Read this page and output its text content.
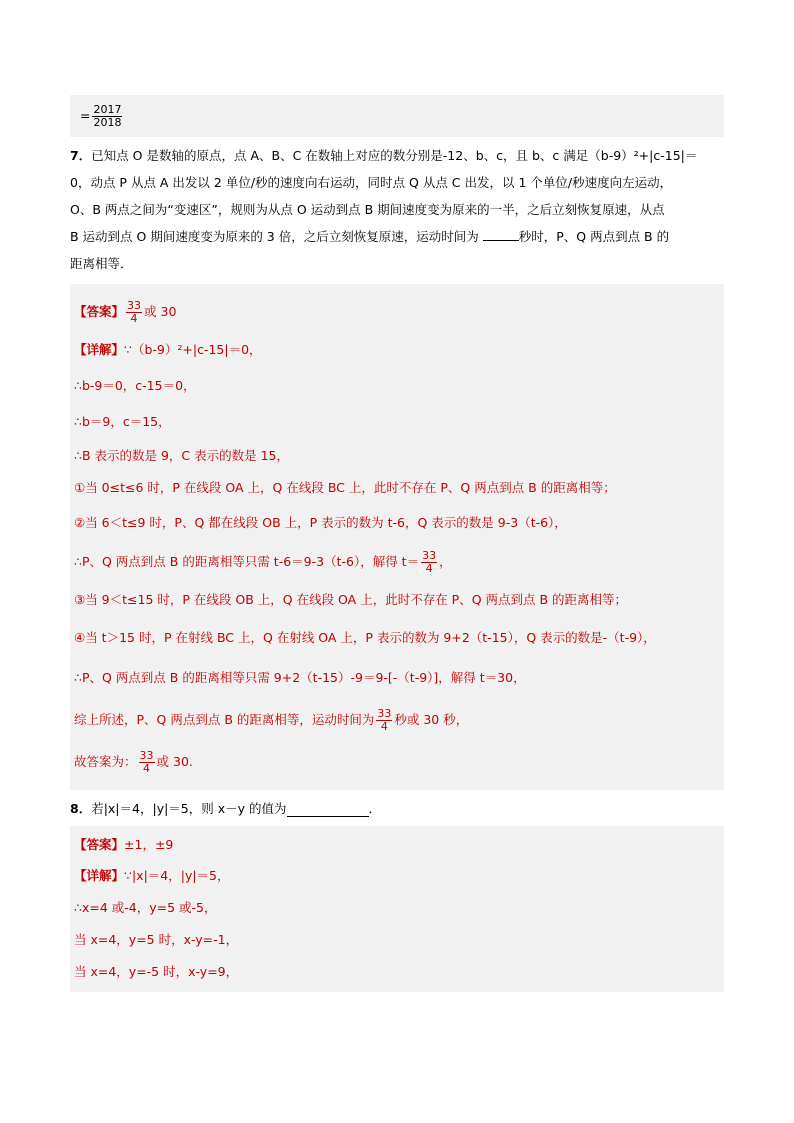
= $\frac{2017}{2018}$
7．已知点 O 是数轴的原点，点 A、B、C 在数轴上对应的数分别是-12、b、c，且 b、c 满足（b-9）²+|c-15|＝
0，动点 P 从点 A 出发以 2 单位/秒的速度向右运动，同时点 Q 从点 C 出发，以 1 个单位/秒速度向左运动，
O、B 两点之间为“变速区”，规则为从点 O 运动到点 B 期间速度变为原来的一半，之后立刻恢复原速，从点
B 运动到点 O 期间速度变为原来的 3 倍，之后立刻恢复原速，运动时间为	秒时，P、Q 两点到点 B 的
距离相等．
【答案】 $\frac{33}{4}$ 或 30
【详解】 ∵（b-9）²+|c-15|＝0，
∴b-9＝0，c-15＝0，
∴b＝9，c＝15，
∴B 表示的数是 9，C 表示的数是 15，
①当 0≤t≤6 时，P 在线段 OA 上，Q 在线段 BC 上，此时不存在 P、Q 两点到点 B 的距离相等；
②当 6＜t≤9 时，P、Q 都在线段 OB 上，P 表示的数为 t-6，Q 表示的数是 9-3（t-6），
∴P、Q 两点到点 B 的距离相等只需 t-6＝9-3（t-6），解得 $t= \frac{33}{4}$ ，
③当 9＜t≤15 时，P 在线段 OB 上，Q 在线段 OA 上，此时不存在 P、Q 两点到点 B 的距离相等；
④当 t＞15 时，P 在射线 BC 上，Q 在射线 OA 上，P 表示的数为 9+2（t-15），Q 表示的数是-（t-9），
∴P、Q 两点到点 B 的距离相等只需 9+2（t-15）-9＝9-[-（t-9）]，解得 t＝30，
综上所述，P、Q 两点到点 B 的距离相等，运动时间为 $\frac{33}{4}$ 秒或 30 秒，
故答案为： $\frac{33}{4}$ 或 30.
8． 若|x|＝4，|y|＝5，则 x－y 的值为	．
【答案】 ±1，±9
【详解】 ∵|x|＝4，|y|＝5，
∴x=4 或-4，y=5 或-5，
当 x=4，y=5 时，x-y=-1，
当 x=4，y=-5 时，x-y=9，
